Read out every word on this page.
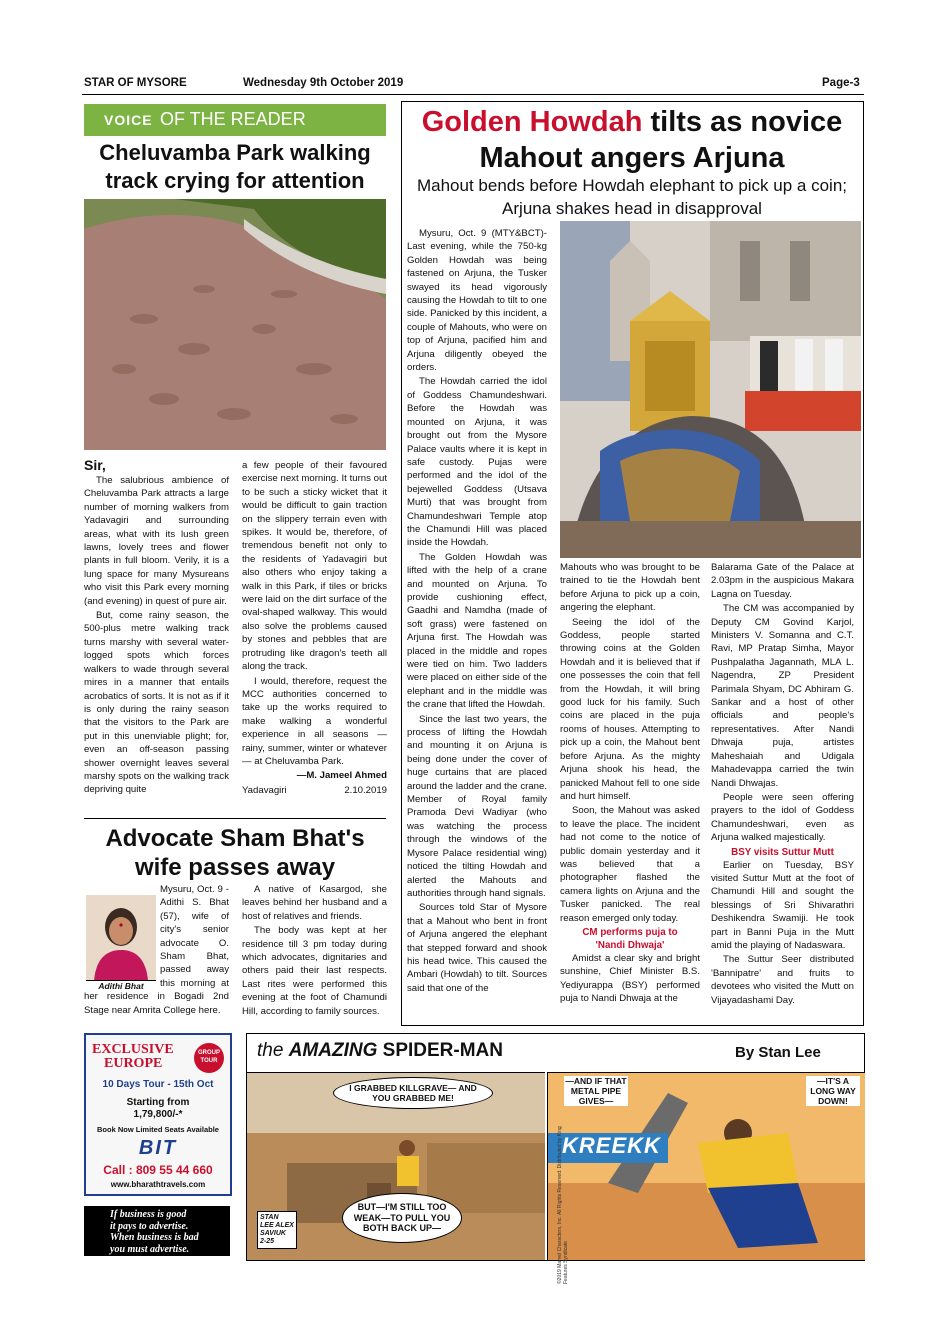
STAR OF MYSORE	Wednesday 9th October 2019	Page-3
VOICE OF THE READER
Cheluvamba Park walking track crying for attention

Sir,

The salubrious ambience of Cheluvamba Park attracts a large number of morning walkers from Yadavagiri and surrounding areas, what with its lush green lawns, lovely trees and flower plants in full bloom. Verily, it is a lung space for many Mysureans who visit this Park every morning (and evening) in quest of pure air.

But, come rainy season, the 500-plus metre walking track turns marshy with several water-logged spots which forces walkers to wade through several mires in a manner that entails acrobatics of sorts. It is not as if it is only during the rainy season that the visitors to the Park are put in this unenviable plight; for, even an off-season passing shower overnight leaves several marshy spots on the walking track depriving quite

a few people of their favoured exercise next morning. It turns out to be such a sticky wicket that it would be difficult to gain traction on the slippery terrain even with spikes. It would be, therefore, of tremendous benefit not only to the residents of Yadavagiri but also others who enjoy taking a walk in this Park, if tiles or bricks were laid on the dirt surface of the oval-shaped walkway. This would also solve the problems caused by stones and pebbles that are protruding like dragon's teeth all along the track.

I would, therefore, request the MCC authorities concerned to take up the works required to make walking a wonderful experience in all seasons — rainy, summer, winter or whatever — at Cheluvamba Park.

—M. Jameel Ahmed

Yadavagiri	2.10.2019
Advocate Sham Bhat's wife passes away
Adithi Bhat

Mysuru, Oct. 9 - Adithi S. Bhat (57), wife of city's senior advocate O. Sham Bhat, passed away this morning at her residence in Bogadi 2nd Stage near Amrita College here.

A native of Kasargod, she leaves behind her husband and a host of relatives and friends.

The body was kept at her residence till 3 pm today during which advocates, dignitaries and others paid their last respects. Last rites were performed this evening at the foot of Chamundi Hill, according to family sources.

Golden Howdah tilts as novice
Mahout angers Arjuna
Mahout bends before Howdah elephant to pick up a coin; Arjuna shakes head in disapproval

Mysuru, Oct. 9 (MTY&BCT)- Last evening, while the 750-kg Golden Howdah was being fastened on Arjuna, the Tusker swayed its head vigorously causing the Howdah to tilt to one side. Panicked by this incident, a couple of Mahouts, who were on top of Arjuna, pacified him and Arjuna diligently obeyed the orders.

The Howdah carried the idol of Goddess Chamundeshwari. Before the Howdah was mounted on Arjuna, it was brought out from the Mysore Palace vaults where it is kept in safe custody. Pujas were performed and the idol of the bejewelled Goddess (Utsava Murti) that was brought from Chamundeshwari Temple atop the Chamundi Hill was placed inside the Howdah.

The Golden Howdah was lifted with the help of a crane and mounted on Arjuna. To provide cushioning effect, Gaadhi and Namdha (made of soft grass) were fastened on Arjuna first. The Howdah was placed in the middle and ropes were tied on him. Two ladders were placed on either side of the elephant and in the middle was the crane that lifted the Howdah.

Since the last two years, the process of lifting the Howdah and mounting it on Arjuna is being done under the cover of huge curtains that are placed around the ladder and the crane. Member of Royal family Pramoda Devi Wadiyar (who was watching the process through the windows of the Mysore Palace residential wing) noticed the tilting Howdah and alerted the Mahouts and authorities through hand signals.

Sources told Star of Mysore that a Mahout who bent in front of Arjuna angered the elephant that stepped forward and shook his head twice. This caused the Ambari (Howdah) to tilt. Sources said that one of the

Mahouts who was brought to be trained to tie the Howdah bent before Arjuna to pick up a coin, angering the elephant.

Seeing the idol of the Goddess, people started throwing coins at the Golden Howdah and it is believed that if one possesses the coin that fell from the Howdah, it will bring good luck for his family. Such coins are placed in the puja rooms of houses. Attempting to pick up a coin, the Mahout bent before Arjuna. As the mighty Arjuna shook his head, the panicked Mahout fell to one side and hurt himself.

Soon, the Mahout was asked to leave the place. The incident had not come to the notice of public domain yesterday and it was believed that a photographer flashed the camera lights on Arjuna and the Tusker panicked. The real reason emerged only today.

CM performs puja to
'Nandi Dhwaja'

Amidst a clear sky and bright sunshine, Chief Minister B.S. Yediyurappa (BSY) performed puja to Nandi Dhwaja at the

Balarama Gate of the Palace at 2.03pm in the auspicious Makara Lagna on Tuesday.

The CM was accompanied by Deputy CM Govind Karjol, Ministers V. Somanna and C.T. Ravi, MP Pratap Simha, Mayor Pushpalatha Jagannath, MLA L. Nagendra, ZP President Parimala Shyam, DC Abhiram G. Sankar and a host of other officials and people's representatives. After Nandi Dhwaja puja, artistes Maheshaiah and Udigala Mahadevappa carried the twin Nandi Dhwajas.

People were seen offering prayers to the idol of Goddess Chamundeshwari, even as Arjuna walked majestically.

BSY visits Suttur Mutt

Earlier on Tuesday, BSY visited Suttur Mutt at the foot of Chamundi Hill and sought the blessings of Sri Shivarathri Deshikendra Swamiji. He took part in Banni Puja in the Mutt amid the playing of Nadaswara.

The Suttur Seer distributed 'Bannipatre' and fruits to devotees who visited the Mutt on Vijayadashami Day.

EXCLUSIVE
EUROPE
GROUP TOUR
10 Days Tour - 15th Oct
Starting from
1,79,800/-*
Book Now Limited Seats Available
BIT
Call : 809 55 44 660
www.bharathtravels.com
If business is good
it pays to advertise.
When business is bad
you must advertise.
the AMAZING SPIDER-MAN	By Stan Lee
I GRABBED KILLGRAVE— AND YOU GRABBED ME!
BUT—I'M STILL TOO WEAK—TO PULL YOU BOTH BACK UP—
STAN LEE ALEX SAVIUK 2-25
KREEKK
—AND IF THAT METAL PIPE GIVES—
—IT'S A LONG WAY DOWN!
©2019 Marvel Characters, Inc. All Rights Reserved. Distributed by King Features Syndicate
